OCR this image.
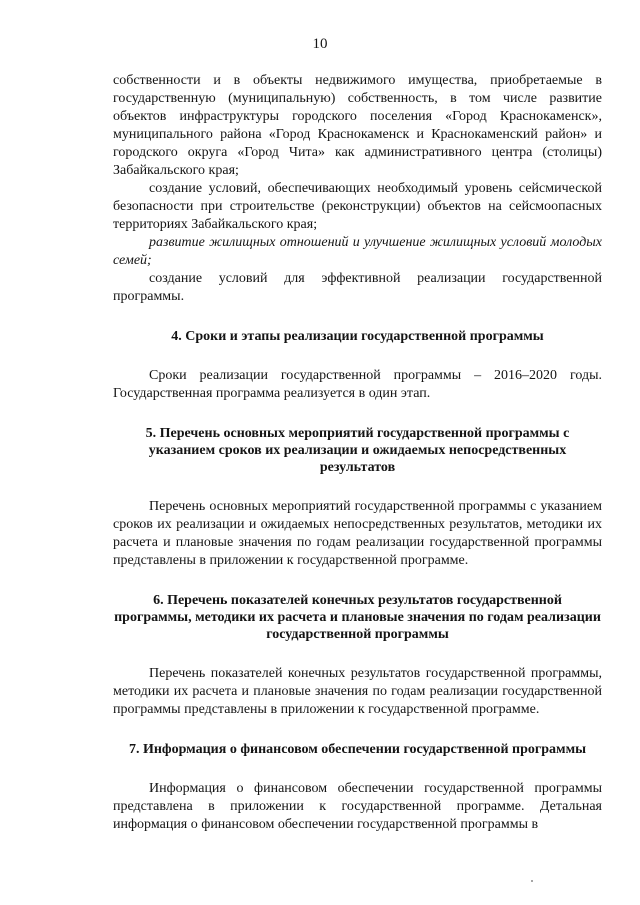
10

собственности и в объекты недвижимого имущества, приобретаемые в государственную (муниципальную) собственность, в том числе развитие объектов инфраструктуры городского поселения «Город Краснокаменск», муниципального района «Город Краснокаменск и Краснокаменский район» и городского округа «Город Чита» как административного центра (столицы) Забайкальского края;

создание условий, обеспечивающих необходимый уровень сейсмической безопасности при строительстве (реконструкции) объектов на сейсмоопасных территориях Забайкальского края;

развитие жилищных отношений и улучшение жилищных условий молодых семей;

создание условий для эффективной реализации государственной программы.

4. Сроки и этапы реализации государственной программы

Сроки реализации государственной программы – 2016–2020 годы. Государственная программа реализуется в один этап.

5. Перечень основных мероприятий государственной программы с указанием сроков их реализации и ожидаемых непосредственных результатов

Перечень основных мероприятий государственной программы с указанием сроков их реализации и ожидаемых непосредственных результатов, методики их расчета и плановые значения по годам реализации государственной программы представлены в приложении к государственной программе.

6. Перечень показателей конечных результатов государственной программы, методики их расчета и плановые значения по годам реализации государственной программы

Перечень показателей конечных результатов государственной программы, методики их расчета и плановые значения по годам реализации государственной программы представлены в приложении к государственной программе.

7. Информация о финансовом обеспечении государственной программы

Информация о финансовом обеспечении государственной программы представлена в приложении к государственной программе. Детальная информация о финансовом обеспечении государственной программы в
